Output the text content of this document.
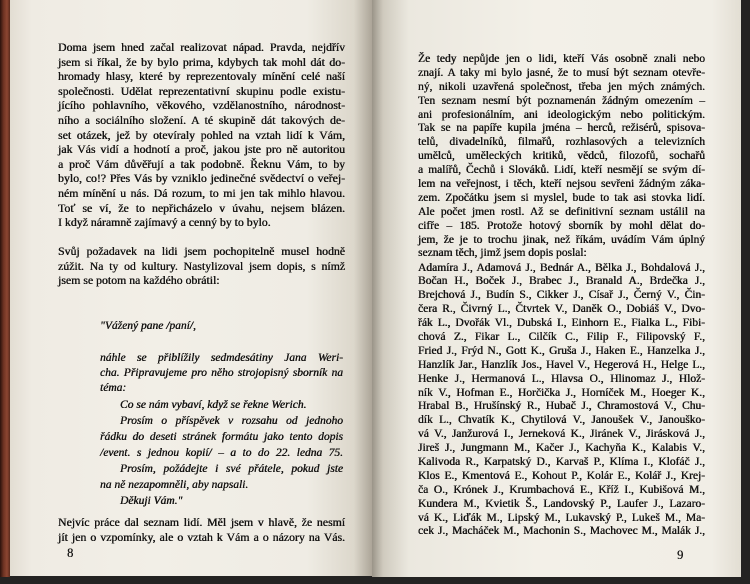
Doma jsem hned začal realizovat nápad. Pravda, nejdřív
jsem si říkal, že by bylo prima, kdybych tak mohl dát do-
hromady hlasy, které by reprezentovaly mínění celé naší
společnosti. Udělat reprezentativní skupinu podle existu-
jícího pohlavního, věkového, vzdělanostního, národnost-
ního a sociálního složení. A té skupině dát takových de-
set otázek, jež by otevíraly pohled na vztah lidí k Vám,
jak Vás vidí a hodnotí a proč, jakou jste pro ně autoritou
a proč Vám důvěřují a tak podobně. Řeknu Vám, to by
bylo, co!? Přes Vás by vzniklo jedinečné svědectví o veřej-
ném mínění u nás. Dá rozum, to mi jen tak mihlo hlavou.
Toť se ví, že to nepřicházelo v úvahu, nejsem blázen.
I když náramně zajímavý a cenný by to bylo.
Svůj požadavek na lidi jsem pochopitelně musel hodně
zúžit. Na ty od kultury. Nastylizoval jsem dopis, s nímž
jsem se potom na každého obrátil:
"Vážený pane /paní/,
náhle se přiblížily sedmdesátiny Jana Weri-
cha. Připravujeme pro něho strojopisný sborník na
téma:
Co se nám vybaví, když se řekne Werich.
Prosím o příspěvek v rozsahu od jednoho
řádku do deseti stránek formátu jako tento dopis
/event. s jednou kopií/ – a to do 22. ledna 75.
Prosím, požádejte i své přátele, pokud jste
na ně nezapomněli, aby napsali.
Děkuji Vám."
Nejvíc práce dal seznam lidí. Měl jsem v hlavě, že nesmí
jít jen o vzpomínky, ale o vztah k Vám a o názory na Vás.
8
Že tedy nepůjde jen o lidi, kteří Vás osobně znali nebo
znají. A taky mi bylo jasné, že to musí být seznam otevře-
ný, nikoli uzavřená společnost, třeba jen mých známých.
Ten seznam nesmí být poznamenán žádným omezením –
ani profesionálním, ani ideologickým nebo politickým.
Tak se na papíře kupila jména – herců, režisérů, spisova-
telů, divadelníků, filmařů, rozhlasových a televizních
umělců, uměleckých kritiků, vědců, filozofů, sochařů
a malířů, Čechů i Slováků. Lidí, kteří nesmějí se svým dí-
lem na veřejnost, i těch, kteří nejsou sevřeni žádným záka-
zem. Zpočátku jsem si myslel, bude to tak asi stovka lidí.
Ale počet jmen rostl. Až se definitivní seznam ustálil na
cifře – 185. Protože hotový sborník by mohl dělat do-
jem, že je to trochu jinak, než říkám, uvádím Vám úplný
seznam těch, jimž jsem dopis poslal:
Adamíra J., Adamová J., Bednár A., Bělka J., Bohdalová J.,
Bočan H., Boček J., Brabec J., Branald A., Brdečka J.,
Brejchová J., Budín S., Cikker J., Císař J., Černý V., Čin-
čera R., Čivrný L., Čtvrtek V., Daněk O., Dobiáš V., Dvo-
řák L., Dvořák Vl., Dubská I., Einhorn E., Fialka L., Fibi-
chová Z., Fikar L., Cilčík C., Filip F., Filipovský F.,
Fried J., Frýd N., Gott K., Gruša J., Haken E., Hanzelka J.,
Hanzlík Jar., Hanzlík Jos., Havel V., Hegerová H., Helge L.,
Henke J., Hermanová L., Hlavsa O., Hlinomaz J., Hlož-
ník V., Hofman E., Horčička J., Horníček M., Hoeger K.,
Hrabal B., Hrušínský R., Hubač J., Chramostová V., Chu-
dík L., Chvatík K., Chytilová V., Janoušek V., Janouško-
vá V., Janžurová I., Jerneková K., Jiránek V., Jirásková J.,
Jireš J., Jungmann M., Kačer J., Kachyňa K., Kalabis V.,
Kalivoda R., Karpatský D., Karvaš P., Klíma I., Klofáč J.,
Klos E., Kmentová E., Kohout P., Kolár E., Kolář J., Krej-
ča O., Krónek J., Krumbachová E., Kříž I., Kubišová M.,
Kundera M., Kvietik Š., Landovský P., Laufer J., Lazaro-
vá K., Liďák M., Lipský M., Lukavský P., Lukeš M., Ma-
cek J., Macháček M., Machonin S., Machovec M., Malák J.,
9
